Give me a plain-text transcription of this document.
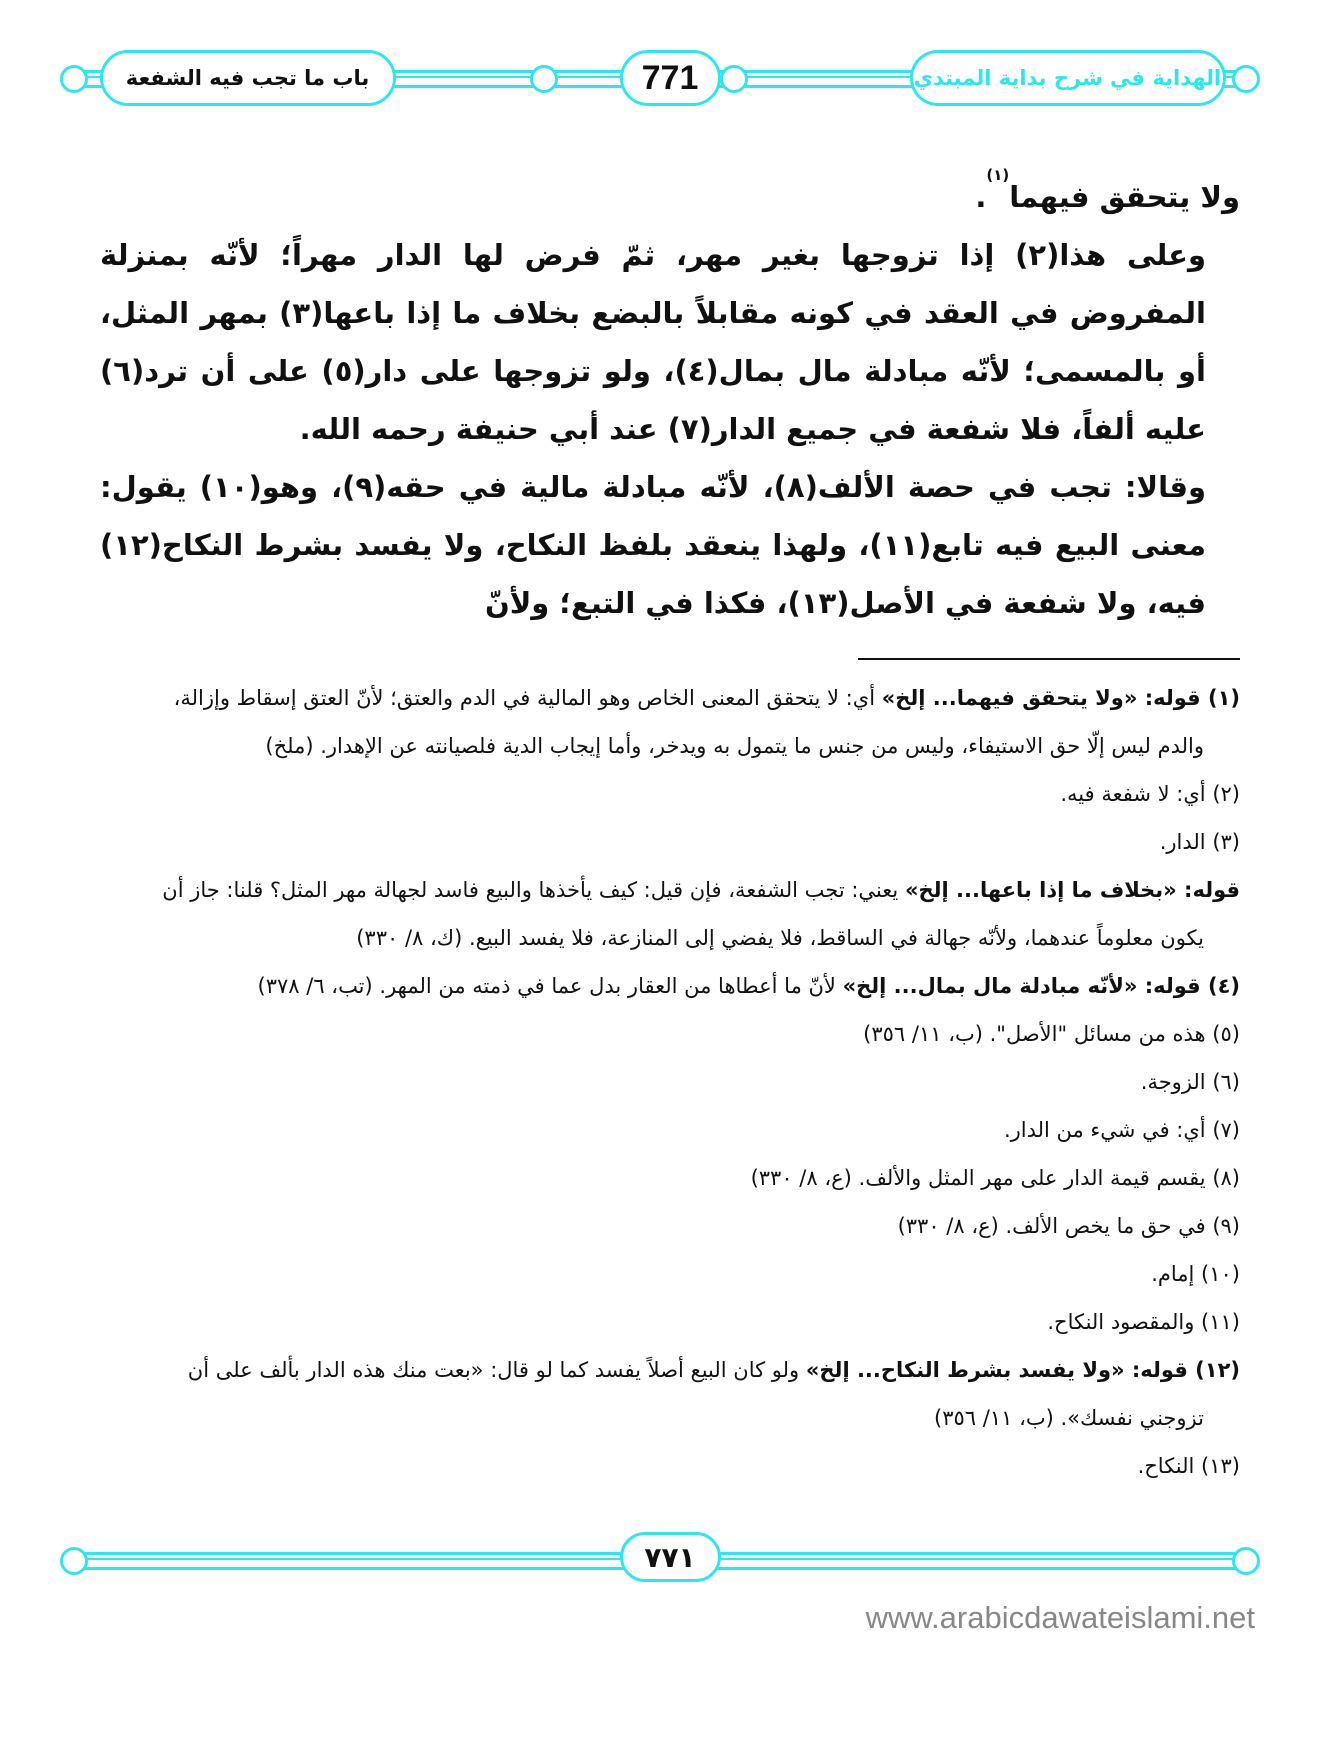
باب ما تجب فيه الشفعة	771	الهداية في شرح بداية المبتدي

ولا يتحقق فيهما$^{(١)}$.

وعلى هذا(٢) إذا تزوجها بغير مهر، ثمّ فرض لها الدار مهراً؛ لأنّه بمنزلة المفروض في العقد في كونه مقابلاً بالبضع بخلاف ما إذا باعها(٣) بمهر المثل، أو بالمسمى؛ لأنّه مبادلة مال بمال(٤)، ولو تزوجها على دار(٥) على أن ترد(٦) عليه ألفاً، فلا شفعة في جميع الدار(٧) عند أبي حنيفة رحمه الله.

وقالا: تجب في حصة الألف(٨)، لأنّه مبادلة مالية في حقه(٩)، وهو(١٠) يقول: معنى البيع فيه تابع(١١)، ولهذا ينعقد بلفظ النكاح، ولا يفسد بشرط النكاح(١٢) فيه، ولا شفعة في الأصل(١٣)، فكذا في التبع؛ ولأنّ

(١) قوله: «ولا يتحقق فيهما... إلخ» أي: لا يتحقق المعنى الخاص وهو المالية في الدم والعتق؛ لأنّ العتق إسقاط وإزالة،

والدم ليس إلّا حق الاستيفاء، وليس من جنس ما يتمول به ويدخر، وأما إيجاب الدية فلصيانته عن الإهدار. (ملخ)

(٢) أي: لا شفعة فيه.

(٣) الدار.

قوله: «بخلاف ما إذا باعها... إلخ» يعني: تجب الشفعة، فإن قيل: كيف يأخذها والبيع فاسد لجهالة مهر المثل؟ قلنا: جاز أن

يكون معلوماً عندهما، ولأنّه جهالة في الساقط، فلا يفضي إلى المنازعة، فلا يفسد البيع. (ك، ٨/ ٣٣٠)

(٤) قوله: «لأنّه مبادلة مال بمال... إلخ» لأنّ ما أعطاها من العقار بدل عما في ذمته من المهر. (تب، ٦/ ٣٧٨)

(٥) هذه من مسائل "الأصل". (ب، ١١/ ٣٥٦)

(٦) الزوجة.

(٧) أي: في شيء من الدار.

(٨) يقسم قيمة الدار على مهر المثل والألف. (ع، ٨/ ٣٣٠)

(٩) في حق ما يخص الألف. (ع، ٨/ ٣٣٠)

(١٠) إمام.

(١١) والمقصود النكاح.

(١٢) قوله: «ولا يفسد بشرط النكاح... إلخ» ولو كان البيع أصلاً يفسد كما لو قال: «بعت منك هذه الدار بألف على أن

تزوجني نفسك». (ب، ١١/ ٣٥٦)

(١٣) النكاح.

٧٧١
www.arabicdawateislami.net
